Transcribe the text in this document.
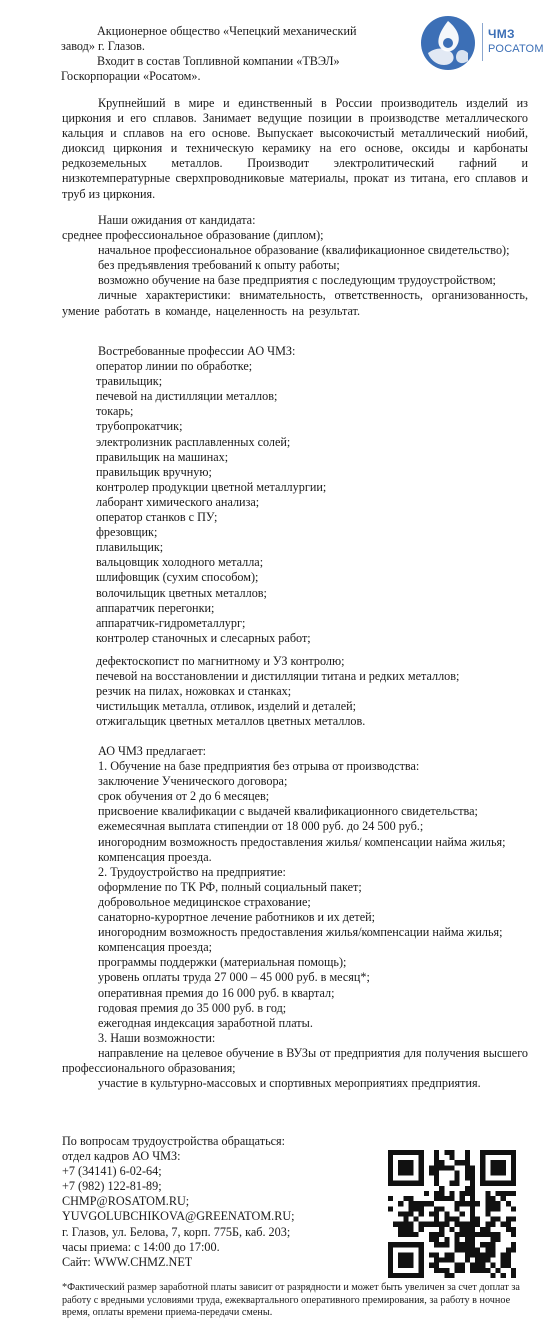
Акционерное общество «Чепецкий механический

завод» г. Глазов.

Входит в состав Топливной компании «ТВЭЛ»

Госкорпорации «Росатом».

ЧМЗ
РОСАТОМ

Крупнейший в мире и единственный в России производитель изделий из циркония и его сплавов. Занимает ведущие позиции в производстве металлического кальция и сплавов на его основе. Выпускает высокочистый металлический ниобий, диоксид циркония и техническую керамику на его основе, оксиды и карбонаты редкоземельных металлов. Производит электролитический гафний и низкотемпературные сверхпроводниковые материалы, прокат из титана, его сплавов и труб из циркония.

Наши ожидания от кандидата:

среднее профессиональное образование (диплом);

начальное профессиональное образование (квалификационное свидетельство);

без предъявления требований к опыту работы;

возможно обучение на базе предприятия с последующим трудоустройством;

личные характеристики: внимательность, ответственность, организованность, умение работать в команде, нацеленность на результат.

Востребованные профессии АО ЧМЗ:

оператор линии по обработке;

травильщик;

печевой на дистилляции металлов;

токарь;

трубопрокатчик;

электролизник расплавленных солей;

правильщик на машинах;

правильщик вручную;

контролер продукции цветной металлургии;

лаборант химического анализа;

оператор станков с ПУ;

фрезовщик;

плавильщик;

вальцовщик холодного металла;

шлифовщик (сухим способом);

волочильщик цветных металлов;

аппаратчик перегонки;

аппаратчик-гидрометаллург;

контролер станочных и слесарных работ;

дефектоскопист по магнитному и УЗ контролю;

печевой на восстановлении и дистилляции титана и редких металлов;

резчик на пилах, ножовках и станках;

чистильщик металла, отливок, изделий и деталей;

отжигальщик цветных металлов цветных металлов.

АО ЧМЗ предлагает:

1. Обучение на базе предприятия без отрыва от производства:

заключение Ученического договора;

срок обучения от 2 до 6 месяцев;

присвоение квалификации с выдачей квалификационного свидетельства;

ежемесячная выплата стипендии от 18 000 руб. до 24 500 руб.;

иногородним возможность предоставления жилья/ компенсации найма жилья;

компенсация проезда.

2. Трудоустройство на предприятие:

оформление по ТК РФ, полный социальный пакет;

добровольное медицинское страхование;

санаторно-курортное лечение работников и их детей;

иногородним возможность предоставления жилья/компенсации найма жилья;

компенсация проезда;

программы поддержки (материальная помощь);

уровень оплаты труда 27 000 – 45 000 руб. в месяц*;

оперативная премия до 16 000 руб. в квартал;

годовая премия до 35 000 руб. в год;

ежегодная индексация заработной платы.

3. Наши возможности:

направление на целевое обучение в ВУЗы от предприятия для получения высшего профессионального образования;

участие в культурно-массовых и спортивных мероприятиях предприятия.

По вопросам трудоустройства обращаться:

отдел кадров АО ЧМЗ:

+7 (34141) 6-02-64;

+7 (982) 122-81-89;

CHMP@ROSATOM.RU;

YUVGOLUBCHIKOVA@GREENATOM.RU;

г. Глазов, ул. Белова, 7, корп. 775Б, каб. 203;

часы приема: с 14:00 до 17:00.

Сайт: WWW.CHMZ.NET

*Фактический размер заработной платы зависит от разрядности и может быть увеличен за счет доплат за работу с вредными условиями труда, ежеквартального оперативного премирования, за работу в ночное время, оплаты времени приема-передачи смены.
